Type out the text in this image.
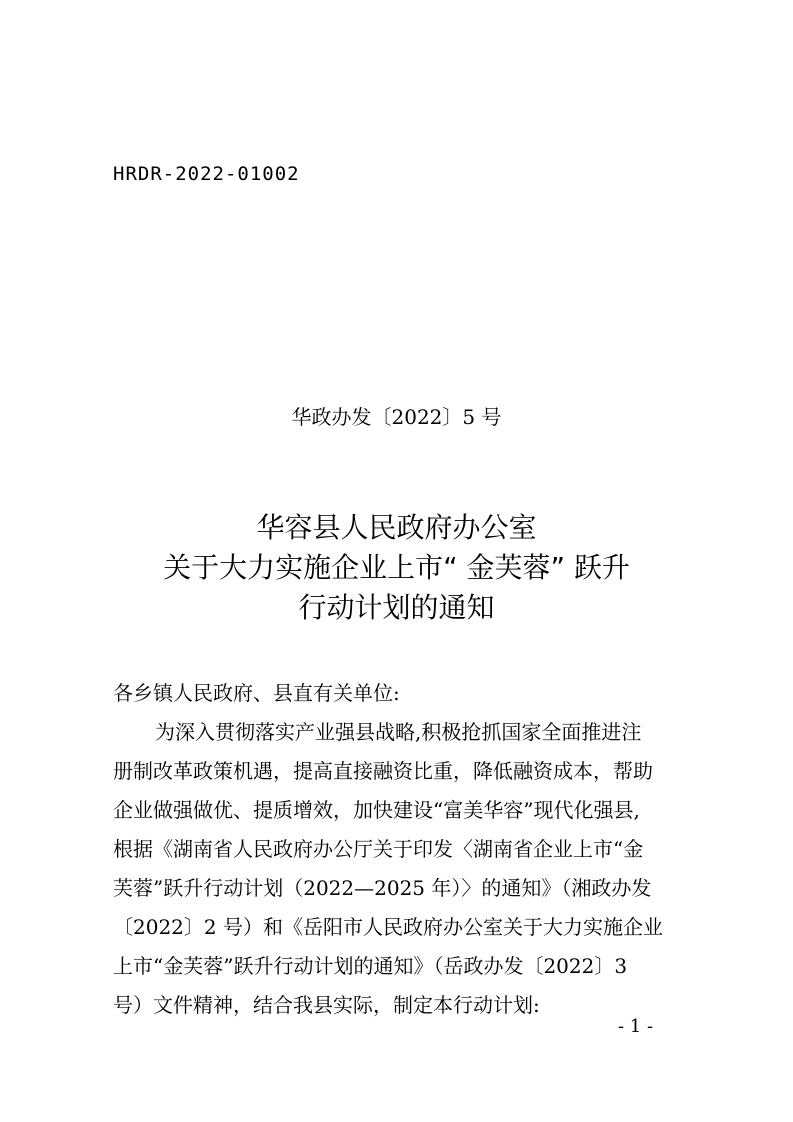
HRDR-2022-01002
华政办发〔2022〕5 号
华容县人民政府办公室
关于大力实施企业上市“ 金芙蓉” 跃升
行动计划的通知
各乡镇人民政府、县直有关单位:
为深入贯彻落实产业强县战略,积极抢抓国家全面推进注
册制改革政策机遇，提高直接融资比重，降低融资成本，帮助
企业做强做优、提质增效，加快建设“富美华容”现代化强县,
根据《湖南省人民政府办公厅关于印发〈湖南省企业上市“金
芙蓉”跃升行动计划（2022—2025 年）〉的通知》（湘政办发
〔2022〕2 号）和《岳阳市人民政府办公室关于大力实施企业
上市“金芙蓉”跃升行动计划的通知》（岳政办发〔2022〕3
号）文件精神，结合我县实际，制定本行动计划:
- 1 -
